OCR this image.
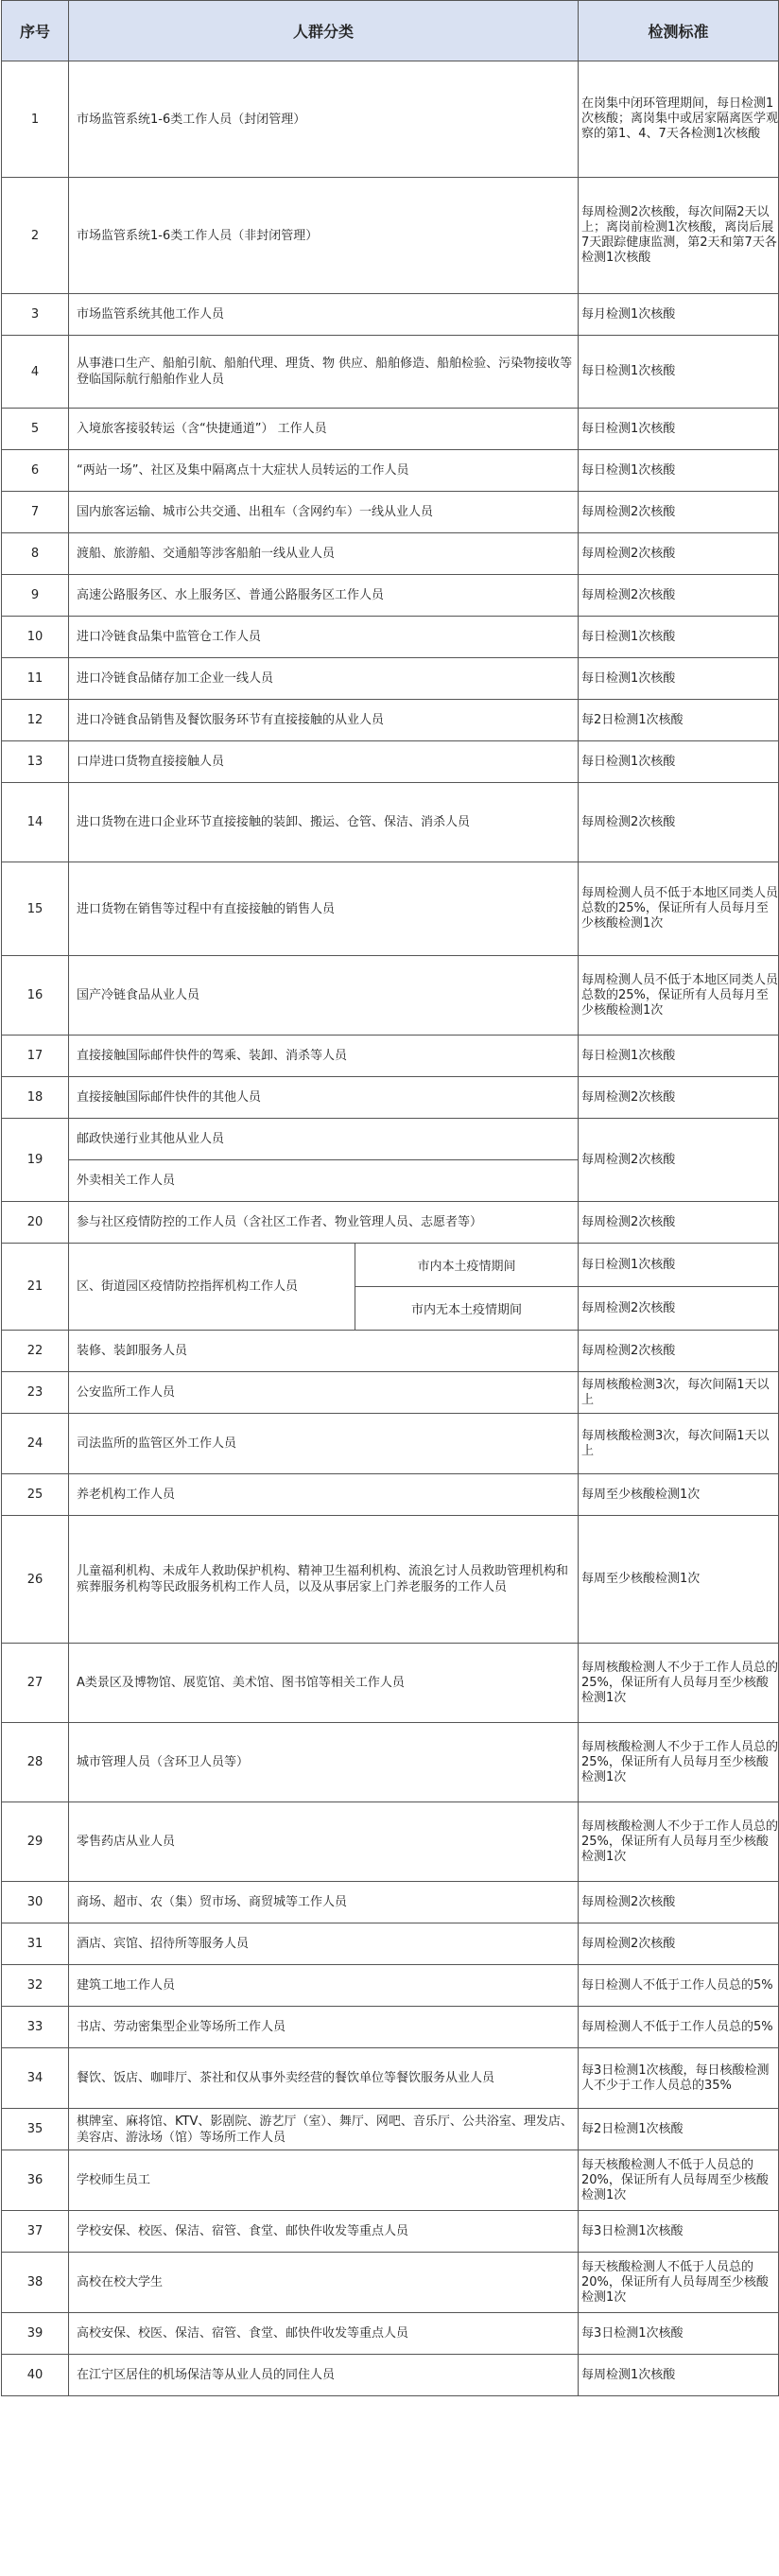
序号	人群分类		检测标准
1	市场监管系统1-6类工作人员（封闭管理）		在岗集中闭环管理期间，每日检测1次核酸；离岗集中或居家隔离医学观察的第1、4、7天各检测1次核酸
2	市场监管系统1-6类工作人员（非封闭管理）		每周检测2次核酸，每次间隔2天以上；离岗前检测1次核酸，离岗后展7天跟踪健康监测，第2天和第7天各检测1次核酸
3	市场监管系统其他工作人员		每月检测1次核酸
4	从事港口生产、船舶引航、船舶代理、理货、物 供应、船舶修造、船舶检验、污染物接收等登临国际航行船舶作业人员		每日检测1次核酸
5	入境旅客接驳转运（含“快捷通道”） 工作人员		每日检测1次核酸
6	“两站一场”、社区及集中隔离点十大症状人员转运的工作人员		每日检测1次核酸
7	国内旅客运输、城市公共交通、出租车（含网约车）一线从业人员		每周检测2次核酸
8	渡船、旅游船、交通船等涉客船舶一线从业人员		每周检测2次核酸
9	高速公路服务区、水上服务区、普通公路服务区工作人员		每周检测2次核酸
10	进口冷链食品集中监管仓工作人员		每日检测1次核酸
11	进口冷链食品储存加工企业一线人员		每日检测1次核酸
12	进口冷链食品销售及餐饮服务环节有直接接触的从业人员		每2日检测1次核酸
13	口岸进口货物直接接触人员		每日检测1次核酸
14	进口货物在进口企业环节直接接触的装卸、搬运、仓管、保洁、消杀人员		每周检测2次核酸
15	进口货物在销售等过程中有直接接触的销售人员		每周检测人员不低于本地区同类人员总数的25%，保证所有人员每月至少核酸检测1次
16	国产冷链食品从业人员		每周检测人员不低于本地区同类人员总数的25%，保证所有人员每月至少核酸检测1次
17	直接接触国际邮件快件的驾乘、装卸、消杀等人员		每日检测1次核酸
18	直接接触国际邮件快件的其他人员		每周检测2次核酸
19	邮政快递行业其他从业人员		每周检测2次核酸
	外卖相关工作人员		
20	参与社区疫情防控的工作人员（含社区工作者、物业管理人员、志愿者等）		每周检测2次核酸
21	区、街道园区疫情防控指挥机构工作人员	市内本土疫情期间	每日检测1次核酸
		市内无本土疫情期间	每周检测2次核酸
22	装修、装卸服务人员		每周检测2次核酸
23	公安监所工作人员		每周核酸检测3次，每次间隔1天以上
24	司法监所的监管区外工作人员		每周核酸检测3次，每次间隔1天以上
25	养老机构工作人员		每周至少核酸检测1次
26	儿童福利机构、未成年人救助保护机构、精神卫生福利机构、流浪乞讨人员救助管理机构和殡葬服务机构等民政服务机构工作人员，以及从事居家上门养老服务的工作人员		每周至少核酸检测1次
27	A类景区及博物馆、展览馆、美术馆、图书馆等相关工作人员		每周核酸检测人不少于工作人员总的25%，保证所有人员每月至少核酸检测1次
28	城市管理人员（含环卫人员等）		每周核酸检测人不少于工作人员总的25%，保证所有人员每月至少核酸检测1次
29	零售药店从业人员		每周核酸检测人不少于工作人员总的25%，保证所有人员每月至少核酸检测1次
30	商场、超市、农（集）贸市场、商贸城等工作人员		每周检测2次核酸
31	酒店、宾馆、招待所等服务人员		每周检测2次核酸
32	建筑工地工作人员		每日检测人不低于工作人员总的5%
33	书店、劳动密集型企业等场所工作人员		每周检测人不低于工作人员总的5%
34	餐饮、饭店、咖啡厅、茶社和仅从事外卖经营的餐饮单位等餐饮服务从业人员		每3日检测1次核酸，每日核酸检测人不少于工作人员总的35%
35	棋牌室、麻将馆、KTV、影剧院、游艺厅（室）、舞厅、网吧、音乐厅、公共浴室、理发店、美容店、游泳场（馆）等场所工作人员		每2日检测1次核酸
36	学校师生员工		每天核酸检测人不低于人员总的20%，保证所有人员每周至少核酸检测1次
37	学校安保、校医、保洁、宿管、食堂、邮快件收发等重点人员		每3日检测1次核酸
38	高校在校大学生		每天核酸检测人不低于人员总的20%，保证所有人员每周至少核酸检测1次
39	高校安保、校医、保洁、宿管、食堂、邮快件收发等重点人员		每3日检测1次核酸
40	在江宁区居住的机场保洁等从业人员的同住人员		每周检测1次核酸
